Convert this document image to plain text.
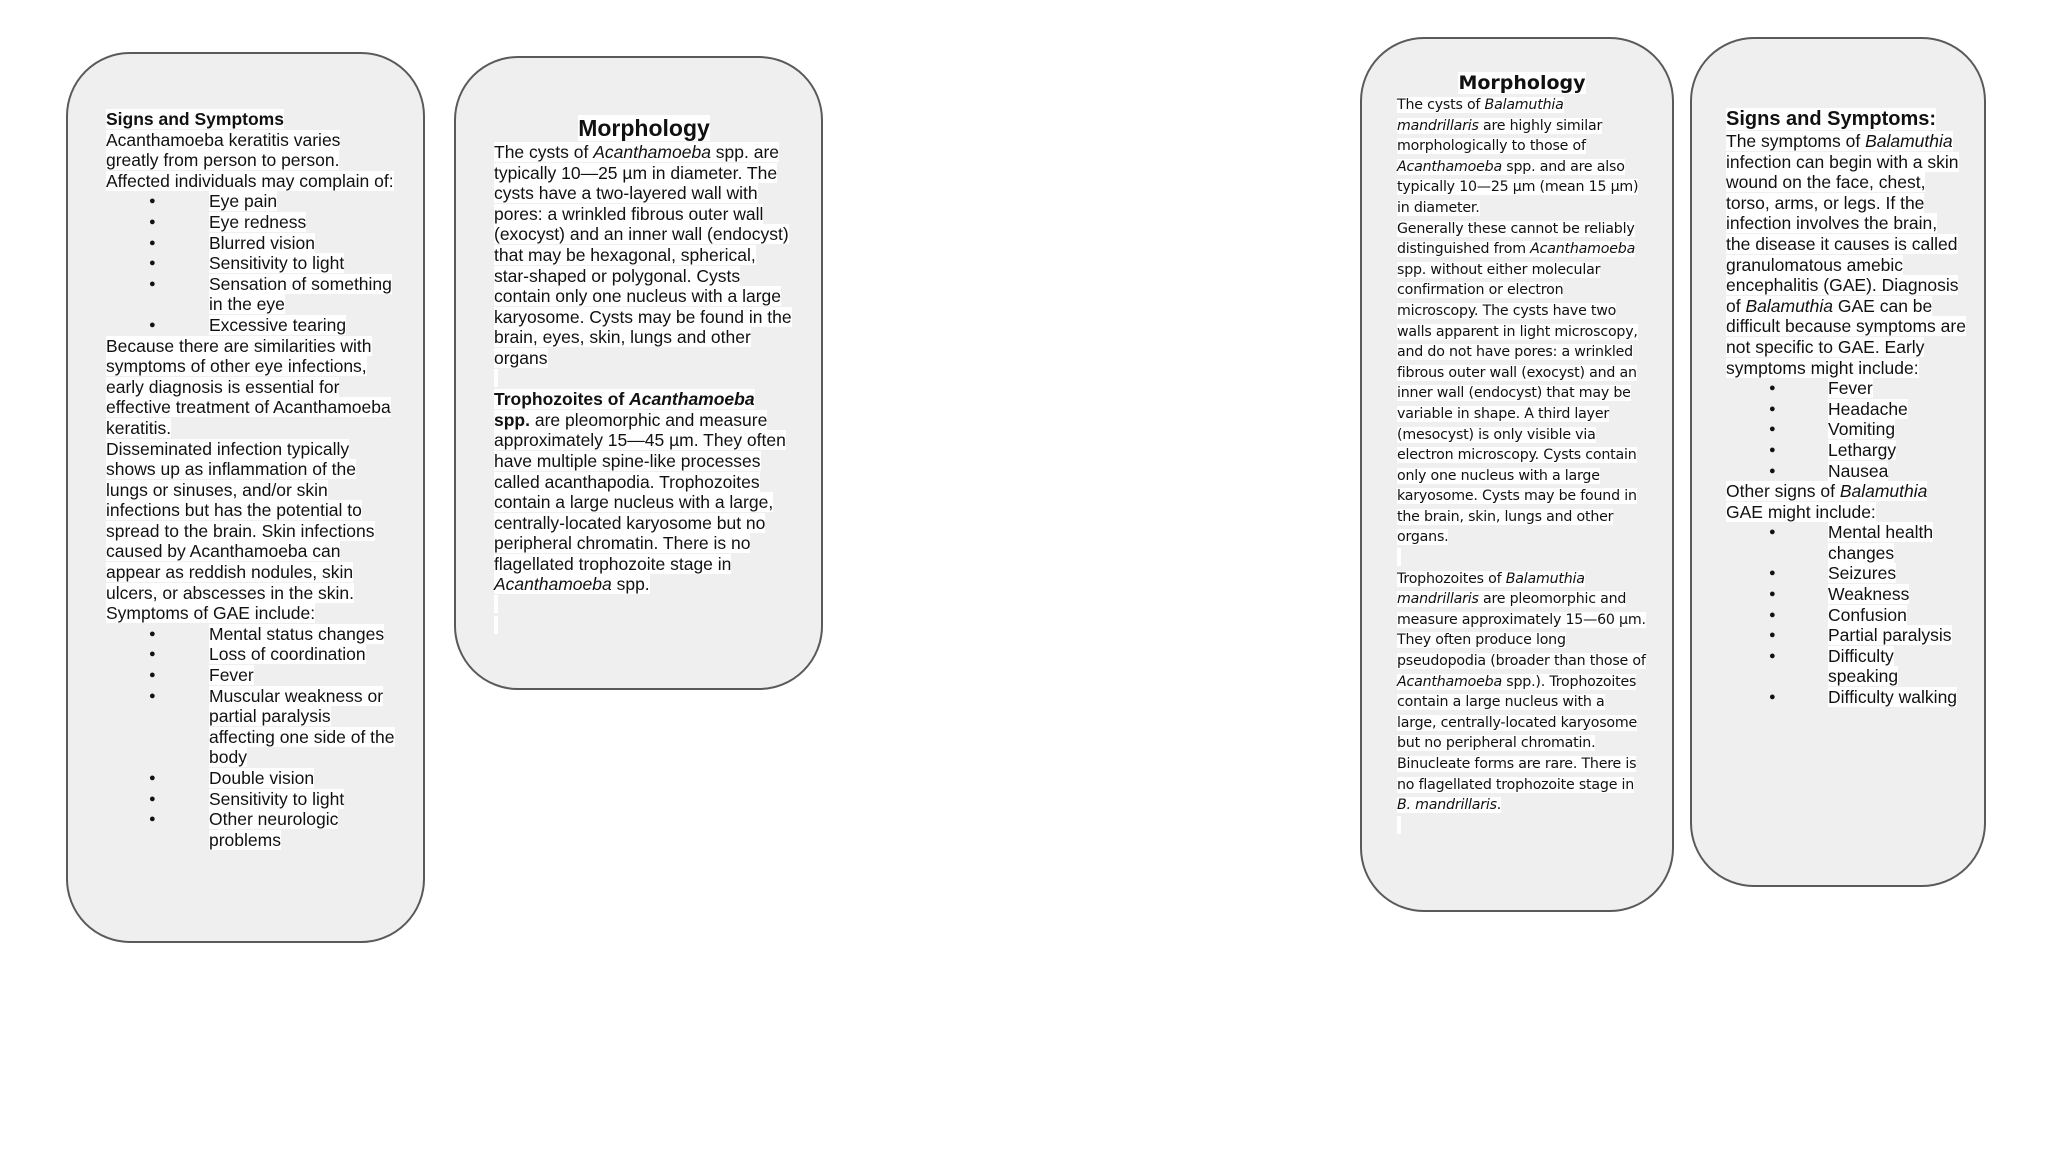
Signs and Symptoms

Acanthamoeba keratitis varies greatly from person to person. Affected individuals may complain of:

● Eye pain
● Eye redness
● Blurred vision
● Sensitivity to light
● Sensation of something in the eye
● Excessive tearing

Because there are similarities with symptoms of other eye infections, early diagnosis is essential for effective treatment of Acanthamoeba keratitis.

Disseminated infection typically shows up as inflammation of the lungs or sinuses, and/or skin infections but has the potential to spread to the brain. Skin infections caused by Acanthamoeba can appear as reddish nodules, skin ulcers, or abscesses in the skin.

Symptoms of GAE include:

● Mental status changes
● Loss of coordination
● Fever
● Muscular weakness or partial paralysis affecting one side of the body
● Double vision
● Sensitivity to light
● Other neurologic problems
Morphology

The cysts of Acanthamoeba spp. are typically 10—25 µm in diameter. The cysts have a two-layered wall with pores: a wrinkled fibrous outer wall (exocyst) and an inner wall (endocyst) that may be hexagonal, spherical, star-shaped or polygonal. Cysts contain only one nucleus with a large karyosome. Cysts may be found in the brain, eyes, skin, lungs and other organs

Trophozoites of Acanthamoeba spp. are pleomorphic and measure approximately 15—45 µm. They often have multiple spine-like processes called acanthapodia. Trophozoites contain a large nucleus with a large, centrally-located karyosome but no peripheral chromatin. There is no flagellated trophozoite stage in Acanthamoeba spp.

Morphology

The cysts of Balamuthia mandrillaris are highly similar morphologically to those of Acanthamoeba spp. and are also typically 10—25 µm (mean 15 µm) in diameter.

Generally these cannot be reliably distinguished from Acanthamoeba spp. without either molecular confirmation or electron microscopy. The cysts have two walls apparent in light microscopy, and do not have pores: a wrinkled fibrous outer wall (exocyst) and an inner wall (endocyst) that may be variable in shape. A third layer (mesocyst) is only visible via electron microscopy. Cysts contain only one nucleus with a large karyosome. Cysts may be found in the brain, skin, lungs and other organs.

Trophozoites of Balamuthia mandrillaris are pleomorphic and measure approximately 15—60 µm. They often produce long pseudopodia (broader than those of Acanthamoeba spp.). Trophozoites contain a large nucleus with a large, centrally-located karyosome but no peripheral chromatin. Binucleate forms are rare. There is no flagellated trophozoite stage in B. mandrillaris.

Signs and Symptoms:

The symptoms of Balamuthia infection can begin with a skin wound on the face, chest, torso, arms, or legs. If the infection involves the brain, the disease it causes is called granulomatous amebic encephalitis (GAE). Diagnosis of Balamuthia GAE can be difficult because symptoms are not specific to GAE. Early symptoms might include:

● Fever
● Headache
● Vomiting
● Lethargy
● Nausea

Other signs of Balamuthia GAE might include:

● Mental health changes
● Seizures
● Weakness
● Confusion
● Partial paralysis
● Difficulty speaking
● Difficulty walking
